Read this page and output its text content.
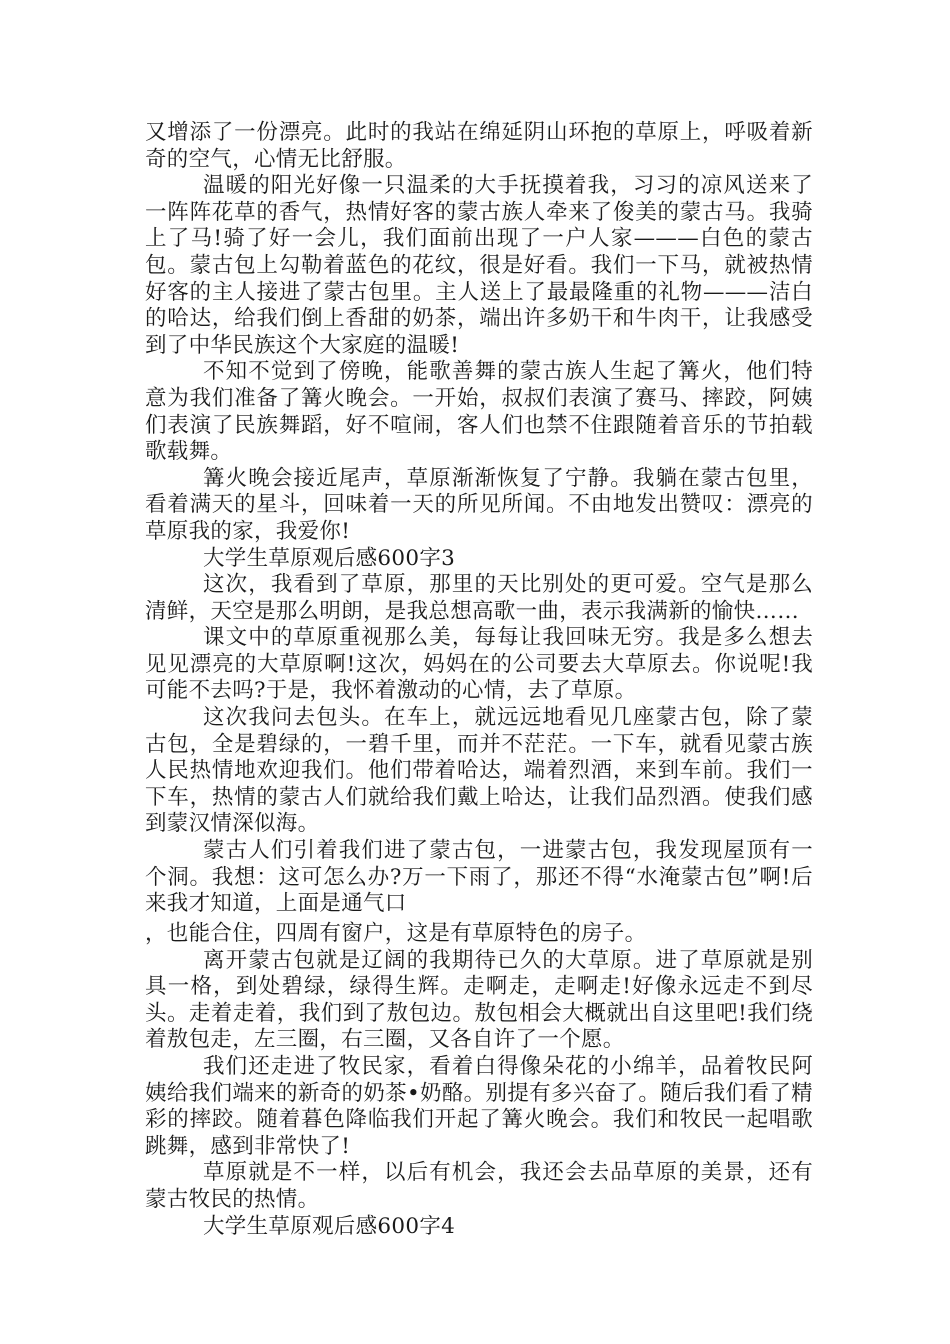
又增添了一份漂亮。此时的我站在绵延阴山环抱的草原上，呼吸着新奇的空气，心情无比舒服。

温暖的阳光好像一只温柔的大手抚摸着我，习习的凉风送来了一阵阵花草的香气，热情好客的蒙古族人牵来了俊美的蒙古马。我骑上了马!骑了好一会儿，我们面前出现了一户人家———白色的蒙古包。蒙古包上勾勒着蓝色的花纹，很是好看。我们一下马，就被热情好客的主人接进了蒙古包里。主人送上了最最隆重的礼物———洁白的哈达，给我们倒上香甜的奶茶，端出许多奶干和牛肉干，让我感受到了中华民族这个大家庭的温暖!

不知不觉到了傍晚，能歌善舞的蒙古族人生起了篝火，他们特意为我们准备了篝火晚会。一开始，叔叔们表演了赛马、摔跤，阿姨们表演了民族舞蹈，好不喧闹，客人们也禁不住跟随着音乐的节拍载歌载舞。

篝火晚会接近尾声，草原渐渐恢复了宁静。我躺在蒙古包里，看着满天的星斗，回味着一天的所见所闻。不由地发出赞叹：漂亮的草原我的家，我爱你!

大学生草原观后感600字3

这次，我看到了草原，那里的天比别处的更可爱。空气是那么清鲜，天空是那么明朗，是我总想高歌一曲，表示我满新的愉快……

课文中的草原重视那么美，每每让我回味无穷。我是多么想去见见漂亮的大草原啊!这次，妈妈在的公司要去大草原去。你说呢!我可能不去吗?于是，我怀着激动的心情，去了草原。

这次我问去包头。在车上，就远远地看见几座蒙古包，除了蒙古包，全是碧绿的，一碧千里，而并不茫茫。一下车，就看见蒙古族人民热情地欢迎我们。他们带着哈达，端着烈酒，来到车前。我们一下车，热情的蒙古人们就给我们戴上哈达，让我们品烈酒。使我们感到蒙汉情深似海。

蒙古人们引着我们进了蒙古包，一进蒙古包，我发现屋顶有一个洞。我想：这可怎么办?万一下雨了，那还不得“水淹蒙古包”啊!后来我才知道，上面是通气口

，也能合住，四周有窗户，这是有草原特色的房子。

离开蒙古包就是辽阔的我期待已久的大草原。进了草原就是别具一格，到处碧绿，绿得生辉。走啊走，走啊走!好像永远走不到尽头。走着走着，我们到了敖包边。敖包相会大概就出自这里吧!我们绕着敖包走，左三圈，右三圈，又各自许了一个愿。

我们还走进了牧民家，看着白得像朵花的小绵羊，品着牧民阿姨给我们端来的新奇的奶茶•奶酪。别提有多兴奋了。随后我们看了精彩的摔跤。随着暮色降临我们开起了篝火晚会。我们和牧民一起唱歌跳舞，感到非常快了!

草原就是不一样，以后有机会，我还会去品草原的美景，还有蒙古牧民的热情。

大学生草原观后感600字4
